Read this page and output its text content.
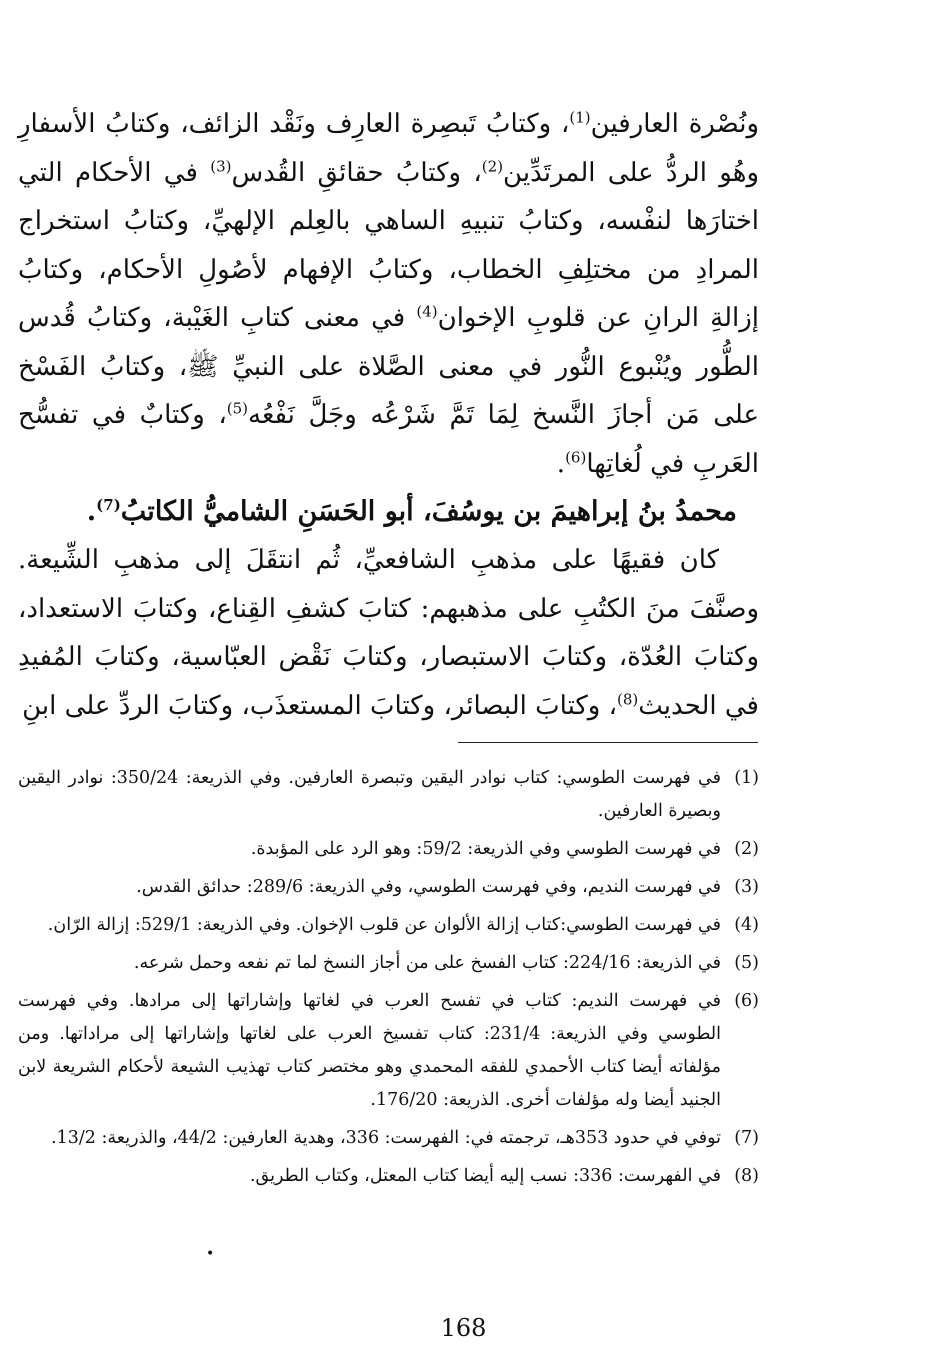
ونُصْرة العارفين$^{(1)}$، وكتابُ تَبصِرة العارِف ونَقْد الزائف، وكتابُ الأسفارِ وهُو الردُّ على المرتَدِّين$^{(2)}$، وكتابُ حقائقِ القُدس$^{(3)}$ في الأحكام التي اختارَها لنفْسه، وكتابُ تنبيهِ الساهي بالعِلم الإلهيِّ، وكتابُ استخراج المرادِ من مختلِفِ الخطاب، وكتابُ الإفهام لأصُولِ الأحكام، وكتابُ إزالةِ الرانِ عن قلوبِ الإخوان$^{(4)}$ في معنى كتابِ الغَيْبة، وكتابُ قُدس الطُّور ويُنْبوع النُّور في معنى الصَّلاة على النبيِّ ﷺ، وكتابُ الفَسْخ على مَن أجازَ النَّسخ لِمَا تَمَّ شَرْعُه وجَلَّ نَفْعُه$^{(5)}$، وكتابٌ في تفسُّح العَربِ في لُغاتِها$^{(6)}$.

محمدُ بنُ إبراهيمَ بن يوسُفَ، أبو الحَسَنِ الشاميُّ الكاتبُ$^{(7)}$.

كان فقيهًا على مذهبِ الشافعيِّ، ثُم انتقَلَ إلى مذهبِ الشِّيعة. وصنَّفَ منَ الكتُبِ على مذهبهم: كتابَ كشفِ القِناع، وكتابَ الاستعداد، وكتابَ العُدّة، وكتابَ الاستبصار، وكتابَ نَقْض العبّاسية، وكتابَ المُفيدِ في الحديث$^{(8)}$، وكتابَ البصائر، وكتابَ المستعذَب، وكتابَ الردِّ على ابنِ

(1)
في فهرست الطوسي: كتاب نوادر اليقين وتبصرة العارفين. وفي الذريعة: 350/24: نوادر اليقين وبصيرة العارفين.
(2)
في فهرست الطوسي وفي الذريعة: 59/2: وهو الرد على المؤبدة.
(3)
في فهرست النديم، وفي فهرست الطوسي، وفي الذريعة: 289/6: حدائق القدس.
(4)
في فهرست الطوسي:كتاب إزالة الألوان عن قلوب الإخوان. وفي الذريعة: 529/1: إزالة الرّان.
(5)
في الذريعة: 224/16: كتاب الفسخ على من أجاز النسخ لما تم نفعه وحمل شرعه.
(6)
في فهرست النديم: كتاب في تفسح العرب في لغاتها وإشاراتها إلى مرادها. وفي فهرست الطوسي وفي الذريعة: 231/4: كتاب تفسيخ العرب على لغاتها وإشاراتها إلى مراداتها. ومن مؤلفاته أيضا كتاب الأحمدي للفقه المحمدي وهو مختصر كتاب تهذيب الشيعة لأحكام الشريعة لابن الجنيد أيضا وله مؤلفات أخرى. الذريعة: 176/20.
(7)
توفي في حدود 353هـ، ترجمته في: الفهرست: 336، وهدية العارفين: 44/2، والذريعة: 13/2.
(8)
في الفهرست: 336: نسب إليه أيضا كتاب المعتل، وكتاب الطريق.
•
168
